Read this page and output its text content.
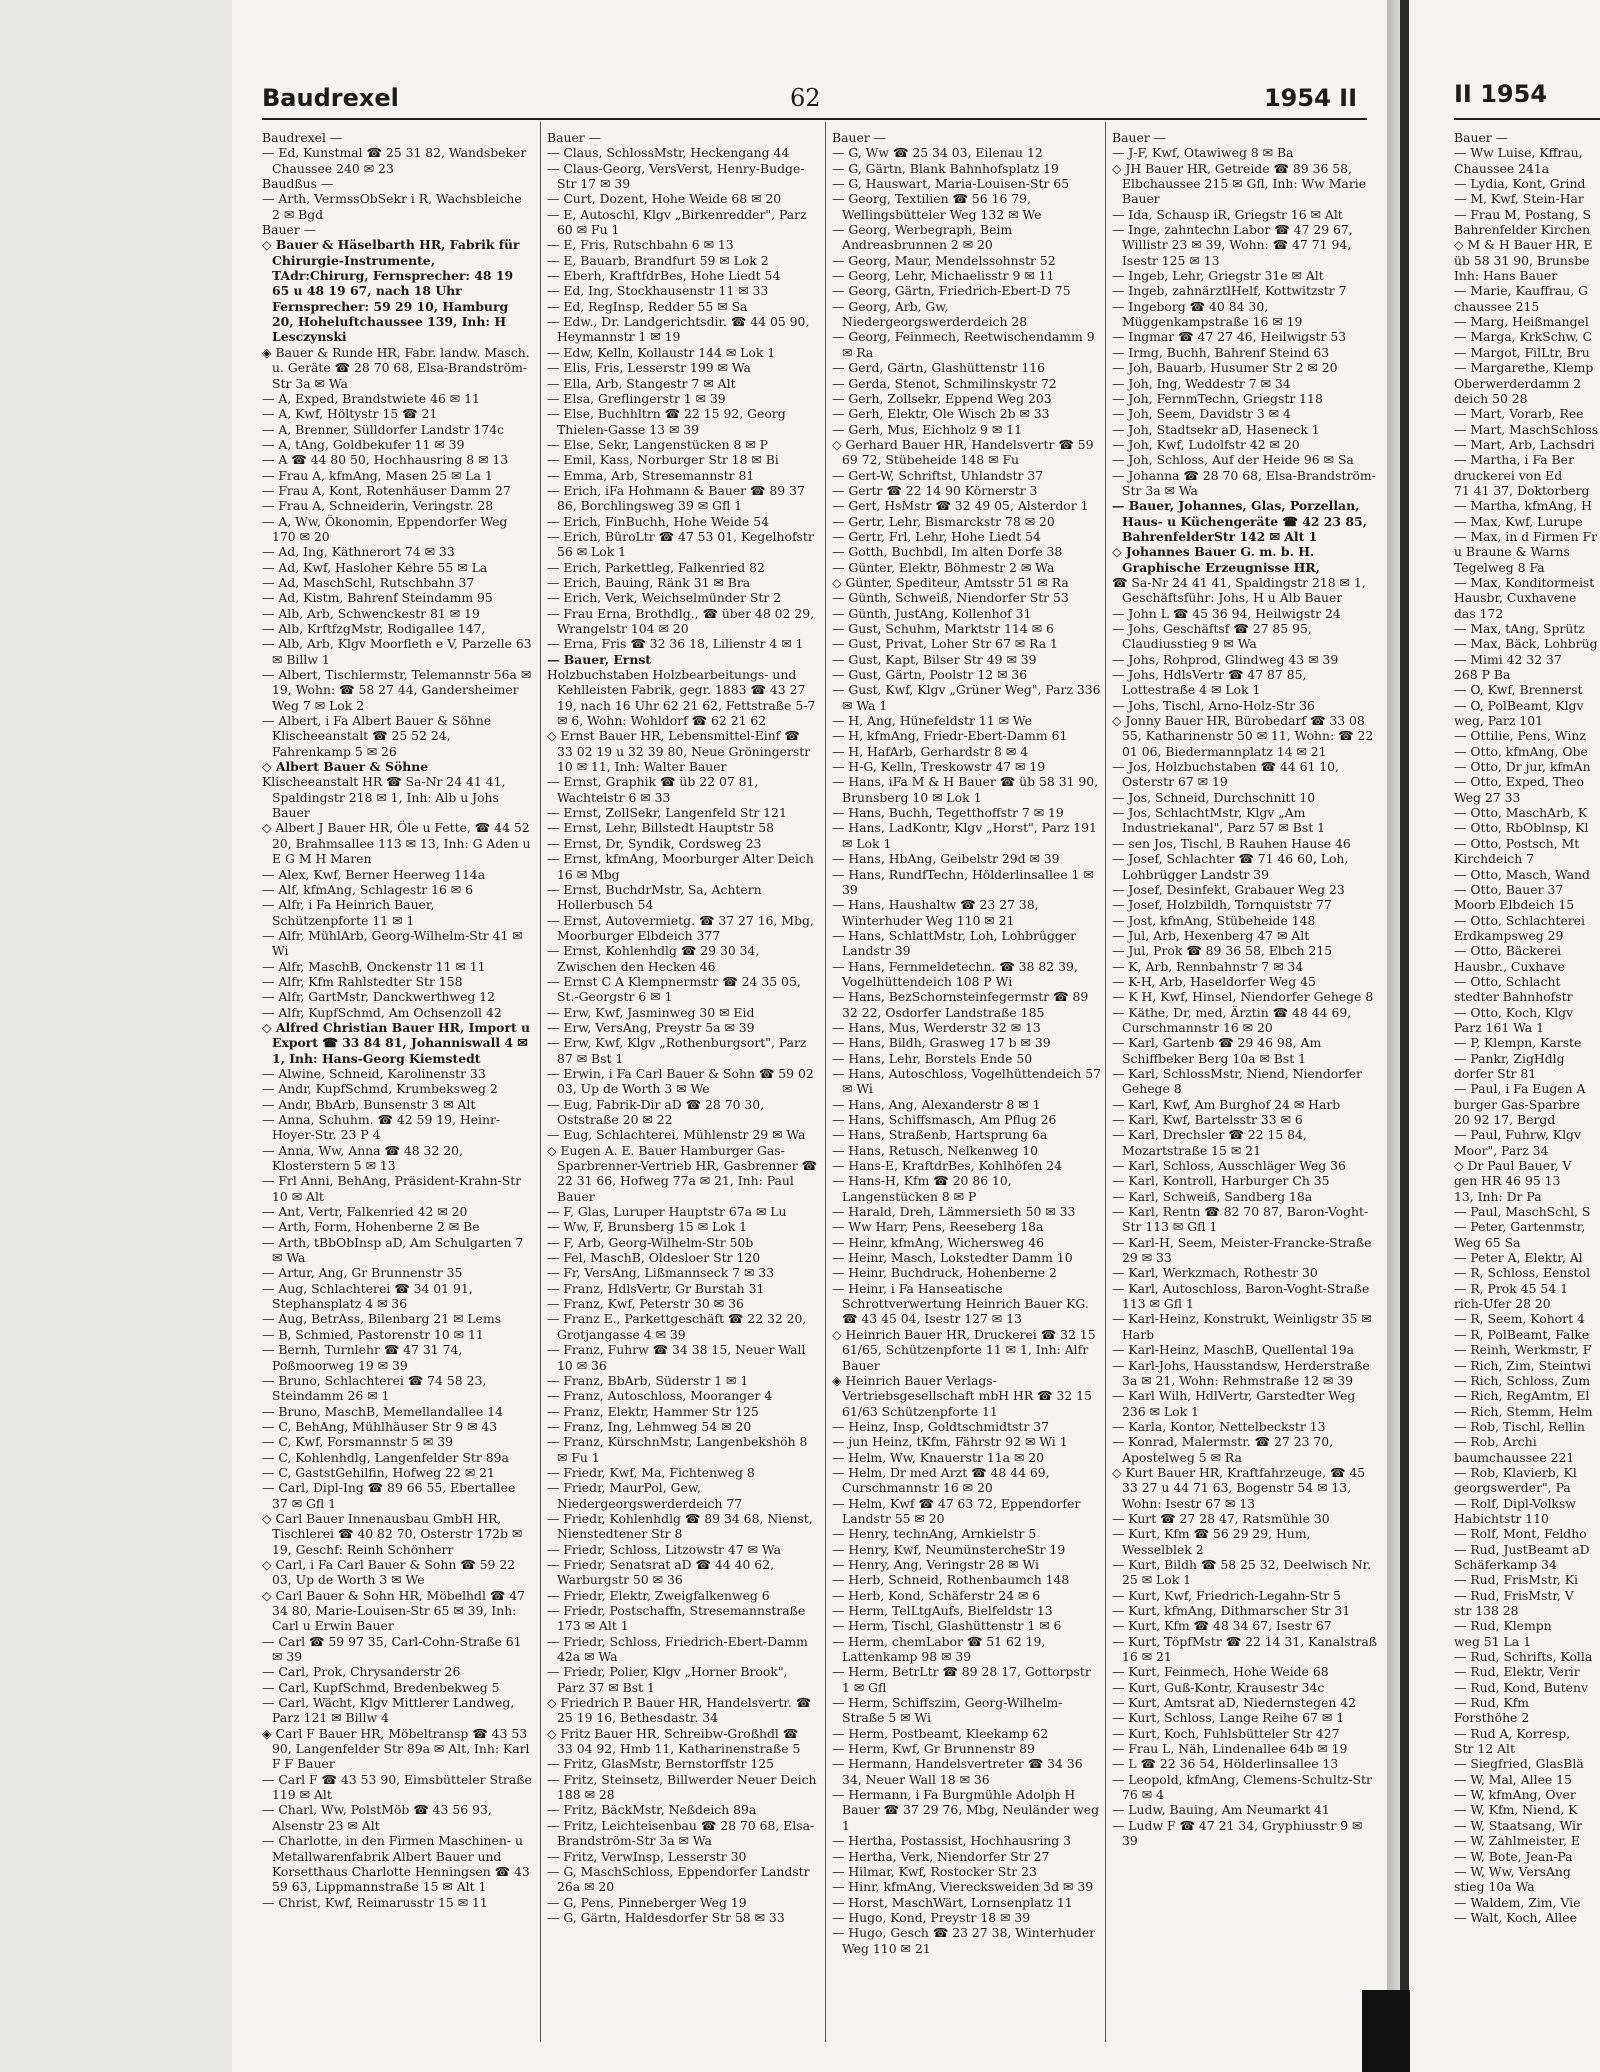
Baudrexel	62	1954 II

Baudrexel —

— Ed, Kunstmal ☎ 25 31 82, Wandsbeker Chaussee 240 ✉ 23

Baudßus —

— Arth, VermssObSekr i R, Wachsbleiche 2 ✉ Bgd

Bauer —

◇ Bauer & Häselbarth HR, Fabrik für Chirurgie-Instrumente, TAdr:Chirurg, Fernsprecher: 48 19 65 u 48 19 67, nach 18 Uhr Fernsprecher: 59 29 10, Hamburg 20, Hoheluftchaussee 139, Inh: H Lesczynski

◈ Bauer & Runde HR, Fabr. landw. Masch. u. Geräte ☎ 28 70 68, Elsa-Brandström-Str 3a ✉ Wa

— A, Exped, Brandstwiete 46 ✉ 11

— A, Kwf, Höltystr 15 ☎ 21

— A, Brenner, Sülldorfer Landstr 174c

— A, tAng, Goldbekufer 11 ✉ 39

— A ☎ 44 80 50, Hochhausring 8 ✉ 13

— Frau A, kfmAng, Masen 25 ✉ La 1

— Frau A, Kont, Rotenhäuser Damm 27

— Frau A, Schneiderin, Veringstr. 28

— A, Ww, Ökonomin, Eppendorfer Weg 170 ✉ 20

— Ad, Ing, Käthnerort 74 ✉ 33

— Ad, Kwf, Hasloher Kehre 55 ✉ La

— Ad, MaschSchl, Rutschbahn 37

— Ad, Kistm, Bahrenf Steindamm 95

— Alb, Arb, Schwenckestr 81 ✉ 19

— Alb, KrftfzgMstr, Rodigallee 147,

— Alb, Arb, Klgv Moorfleth e V, Parzelle 63 ✉ Billw 1

— Albert, Tischlermstr, Telemannstr 56a ✉ 19, Wohn: ☎ 58 27 44, Gandersheimer Weg 7 ✉ Lok 2

— Albert, i Fa Albert Bauer & Söhne Klischeeanstalt ☎ 25 52 24, Fahrenkamp 5 ✉ 26

◇ Albert Bauer & Söhne

Klischeeanstalt HR ☎ Sa-Nr 24 41 41, Spaldingstr 218 ✉ 1, Inh: Alb u Johs Bauer

◇ Albert J Bauer HR, Öle u Fette, ☎ 44 52 20, Brahmsallee 113 ✉ 13, Inh: G Aden u E G M H Maren

— Alex, Kwf, Berner Heerweg 114a

— Alf, kfmAng, Schlagestr 16 ✉ 6

— Alfr, i Fa Heinrich Bauer, Schützenpforte 11 ✉ 1

— Alfr, MühlArb, Georg-Wilhelm-Str 41 ✉ Wi

— Alfr, MaschB, Onckenstr 11 ✉ 11

— Alfr, Kfm Rahlstedter Str 158

— Alfr, GartMstr, Danckwerthweg 12

— Alfr, KupfSchmd, Am Ochsenzoll 42

◇ Alfred Christian Bauer HR, Import u Export ☎ 33 84 81, Johanniswall 4 ✉ 1, Inh: Hans-Georg Kiemstedt

— Alwine, Schneid, Karolinenstr 33

— Andr, KupfSchmd, Krumbeksweg 2

— Andr, BbArb, Bunsenstr 3 ✉ Alt

— Anna, Schuhm. ☎ 42 59 19, Heinr-Hoyer-Str. 23 P 4

— Anna, Ww, Anna ☎ 48 32 20, Klosterstern 5 ✉ 13

— Frl Anni, BehAng, Präsident-Krahn-Str 10 ✉ Alt

— Ant, Vertr, Falkenried 42 ✉ 20

— Arth, Form, Hohenberne 2 ✉ Be

— Arth, tBbObInsp aD, Am Schulgarten 7 ✉ Wa

— Artur, Ang, Gr Brunnenstr 35

— Aug, Schlachterei ☎ 34 01 91, Stephansplatz 4 ✉ 36

— Aug, BetrAss, Bilenbarg 21 ✉ Lems

— B, Schmied, Pastorenstr 10 ✉ 11

— Bernh, Turnlehr ☎ 47 31 74, Poßmoorweg 19 ✉ 39

— Bruno, Schlachterei ☎ 74 58 23, Steindamm 26 ✉ 1

— Bruno, MaschB, Memellandallee 14

— C, BehAng, Mühlhäuser Str 9 ✉ 43

— C, Kwf, Forsmannstr 5 ✉ 39

— C, Kohlenhdlg, Langenfelder Str 89a

— C, GaststGehilfin, Hofweg 22 ✉ 21

— Carl, Dipl-Ing ☎ 89 66 55, Ebertallee 37 ✉ Gfl 1

◇ Carl Bauer Innenausbau GmbH HR, Tischlerei ☎ 40 82 70, Osterstr 172b ✉ 19, Geschf: Reinh Schönherr

◇ Carl, i Fa Carl Bauer & Sohn ☎ 59 22 03, Up de Worth 3 ✉ We

◇ Carl Bauer & Sohn HR, Möbelhdl ☎ 47 34 80, Marie-Louisen-Str 65 ✉ 39, Inh: Carl u Erwin Bauer

— Carl ☎ 59 97 35, Carl-Cohn-Straße 61 ✉ 39

— Carl, Prok, Chrysanderstr 26

— Carl, KupfSchmd, Bredenbekweg 5

— Carl, Wächt, Klgv Mittlerer Landweg, Parz 121 ✉ Billw 4

◈ Carl F Bauer HR, Möbeltransp ☎ 43 53 90, Langenfelder Str 89a ✉ Alt, Inh: Karl F F Bauer

— Carl F ☎ 43 53 90, Eimsbütteler Straße 119 ✉ Alt

— Charl, Ww, PolstMöb ☎ 43 56 93, Alsenstr 23 ✉ Alt

— Charlotte, in den Firmen Maschinen- u Metallwarenfabrik Albert Bauer und Korsetthaus Charlotte Henningsen ☎ 43 59 63, Lippmannstraße 15 ✉ Alt 1

— Christ, Kwf, Reimarusstr 15 ✉ 11

Bauer —

— Claus, SchlossMstr, Heckengang 44

— Claus-Georg, VersVerst, Henry-Budge-Str 17 ✉ 39

— Curt, Dozent, Hohe Weide 68 ✉ 20

— E, Autoschl, Klgv „Birkenredder", Parz 60 ✉ Fu 1

— E, Fris, Rutschbahn 6 ✉ 13

— E, Bauarb, Brandfurt 59 ✉ Lok 2

— Eberh, KraftfdrBes, Hohe Liedt 54

— Ed, Ing, Stockhausenstr 11 ✉ 33

— Ed, RegInsp, Redder 55 ✉ Sa

— Edw., Dr. Landgerichtsdir. ☎ 44 05 90, Heymannstr 1 ✉ 19

— Edw, Kelln, Kollaustr 144 ✉ Lok 1

— Elis, Fris, Lesserstr 199 ✉ Wa

— Ella, Arb, Stangestr 7 ✉ Alt

— Elsa, Greflingerstr 1 ✉ 39

— Else, Buchhltrn ☎ 22 15 92, Georg Thielen-Gasse 13 ✉ 39

— Else, Sekr, Langenstücken 8 ✉ P

— Emil, Kass, Norburger Str 18 ✉ Bi

— Emma, Arb, Stresemannstr 81

— Erich, iFa Hohmann & Bauer ☎ 89 37 86, Borchlingsweg 39 ✉ Gfl 1

— Erich, FinBuchh, Hohe Weide 54

— Erich, BüroLtr ☎ 47 53 01, Kegelhofstr 56 ✉ Lok 1

— Erich, Parkettleg, Falkenried 82

— Erich, Bauing, Ränk 31 ✉ Bra

— Erich, Verk, Weichselmünder Str 2

— Frau Erna, Brothdlg., ☎ über 48 02 29, Wrangelstr 104 ✉ 20

— Erna, Fris ☎ 32 36 18, Lilienstr 4 ✉ 1

— Bauer, Ernst

Holzbuchstaben Holzbearbeitungs- und Kehlleisten Fabrik, gegr. 1883 ☎ 43 27 19, nach 16 Uhr 62 21 62, Fettstraße 5-7 ✉ 6, Wohn: Wohldorf ☎ 62 21 62

◇ Ernst Bauer HR, Lebensmittel-Einf ☎ 33 02 19 u 32 39 80, Neue Gröningerstr 10 ✉ 11, Inh: Walter Bauer

— Ernst, Graphik ☎ üb 22 07 81, Wachtelstr 6 ✉ 33

— Ernst, ZollSekr, Langenfeld Str 121

— Ernst, Lehr, Billstedt Hauptstr 58

— Ernst, Dr, Syndik, Cordsweg 23

— Ernst, kfmAng, Moorburger Alter Deich 16 ✉ Mbg

— Ernst, BuchdrMstr, Sa, Achtern Hollerbusch 54

— Ernst, Autovermietg. ☎ 37 27 16, Mbg, Moorburger Elbdeich 377

— Ernst, Kohlenhdlg ☎ 29 30 34, Zwischen den Hecken 46

— Ernst C A Klempnermstr ☎ 24 35 05, St.-Georgstr 6 ✉ 1

— Erw, Kwf, Jasminweg 30 ✉ Eid

— Erw, VersAng, Preystr 5a ✉ 39

— Erw, Kwf, Klgv „Rothenburgsort", Parz 87 ✉ Bst 1

— Erwin, i Fa Carl Bauer & Sohn ☎ 59 02 03, Up de Worth 3 ✉ We

— Eug, Fabrik-Dir aD ☎ 28 70 30, Oststraße 20 ✉ 22

— Eug, Schlachterei, Mühlenstr 29 ✉ Wa

◇ Eugen A. E. Bauer Hamburger Gas-Sparbrenner-Vertrieb HR, Gasbrenner ☎ 22 31 66, Hofweg 77a ✉ 21, Inh: Paul Bauer

— F, Glas, Luruper Hauptstr 67a ✉ Lu

— Ww, F, Brunsberg 15 ✉ Lok 1

— F, Arb, Georg-Wilhelm-Str 50b

— Fel, MaschB, Oldesloer Str 120

— Fr, VersAng, Lißmannseck 7 ✉ 33

— Franz, HdlsVertr, Gr Burstah 31

— Franz, Kwf, Peterstr 30 ✉ 36

— Franz E., Parkettgeschäft ☎ 22 32 20, Grotjangasse 4 ✉ 39

— Franz, Fuhrw ☎ 34 38 15, Neuer Wall 10 ✉ 36

— Franz, BbArb, Süderstr 1 ✉ 1

— Franz, Autoschloss, Mooranger 4

— Franz, Elektr, Hammer Str 125

— Franz, Ing, Lehmweg 54 ✉ 20

— Franz, KürschnMstr, Langenbekshöh 8 ✉ Fu 1

— Friedr, Kwf, Ma, Fichtenweg 8

— Friedr, MaurPol, Gew, Niedergeorgswerderdeich 77

— Friedr, Kohlenhdlg ☎ 89 34 68, Nienst, Nienstedtener Str 8

— Friedr, Schloss, Litzowstr 47 ✉ Wa

— Friedr, Senatsrat aD ☎ 44 40 62, Warburgstr 50 ✉ 36

— Friedr, Elektr, Zweigfalkenweg 6

— Friedr, Postschaffn, Stresemannstraße 173 ✉ Alt 1

— Friedr, Schloss, Friedrich-Ebert-Damm 42a ✉ Wa

— Friedr, Polier, Klgv „Horner Brook", Parz 37 ✉ Bst 1

◇ Friedrich P. Bauer HR, Handelsvertr. ☎ 25 19 16, Bethesdastr. 34

◇ Fritz Bauer HR, Schreibw-Großhdl ☎ 33 04 92, Hmb 11, Katharinenstraße 5

— Fritz, GlasMstr, Bernstorffstr 125

— Fritz, Steinsetz, Billwerder Neuer Deich 188 ✉ 28

— Fritz, BäckMstr, Neßdeich 89a

— Fritz, Leichteisenbau ☎ 28 70 68, Elsa-Brandström-Str 3a ✉ Wa

— Fritz, VerwInsp, Lesserstr 30

— G, MaschSchloss, Eppendorfer Landstr 26a ✉ 20

— G, Pens, Pinneberger Weg 19

— G, Gärtn, Haldesdorfer Str 58 ✉ 33

Bauer —

— G, Ww ☎ 25 34 03, Eilenau 12

— G, Gärtn, Blank Bahnhofsplatz 19

— G, Hauswart, Maria-Louisen-Str 65

— Georg, Textilien ☎ 56 16 79, Wellingsbütteler Weg 132 ✉ We

— Georg, Werbegraph, Beim Andreasbrunnen 2 ✉ 20

— Georg, Maur, Mendelssohnstr 52

— Georg, Lehr, Michaelisstr 9 ✉ 11

— Georg, Gärtn, Friedrich-Ebert-D 75

— Georg, Arb, Gw, Niedergeorgswerderdeich 28

— Georg, Feinmech, Reetwischendamm 9 ✉ Ra

— Gerd, Gärtn, Glashüttenstr 116

— Gerda, Stenot, Schmilinskystr 72

— Gerh, Zollsekr, Eppend Weg 203

— Gerh, Elektr, Ole Wisch 2b ✉ 33

— Gerh, Mus, Eichholz 9 ✉ 11

◇ Gerhard Bauer HR, Handelsvertr ☎ 59 69 72, Stübeheide 148 ✉ Fu

— Gert-W, Schriftst, Uhlandstr 37

— Gertr ☎ 22 14 90 Körnerstr 3

— Gert, HsMstr ☎ 32 49 05, Alsterdor 1

— Gertr, Lehr, Bismarckstr 78 ✉ 20

— Gertr, Frl, Lehr, Hohe Liedt 54

— Gotth, Buchbdl, Im alten Dorfe 38

— Günter, Elektr, Böhmestr 2 ✉ Wa

◇ Günter, Spediteur, Amtsstr 51 ✉ Ra

— Günth, Schweiß, Niendorfer Str 53

— Günth, JustAng, Kollenhof 31

— Gust, Schuhm, Marktstr 114 ✉ 6

— Gust, Privat, Loher Str 67 ✉ Ra 1

— Gust, Kapt, Bilser Str 49 ✉ 39

— Gust, Gärtn, Poolstr 12 ✉ 36

— Gust, Kwf, Klgv „Grüner Weg", Parz 336 ✉ Wa 1

— H, Ang, Hünefeldstr 11 ✉ We

— H, kfmAng, Friedr-Ebert-Damm 61

— H, HafArb, Gerhardstr 8 ✉ 4

— H-G, Kelln, Treskowstr 47 ✉ 19

— Hans, iFa M & H Bauer ☎ üb 58 31 90, Brunsberg 10 ✉ Lok 1

— Hans, Buchh, Tegetthoffstr 7 ✉ 19

— Hans, LadKontr, Klgv „Horst", Parz 191 ✉ Lok 1

— Hans, HbAng, Geibelstr 29d ✉ 39

— Hans, RundfTechn, Hölderlinsallee 1 ✉ 39

— Hans, Haushaltw ☎ 23 27 38, Winterhuder Weg 110 ✉ 21

— Hans, SchlattMstr, Loh, Lohbrügger Landstr 39

— Hans, Fernmeldetechn. ☎ 38 82 39, Vogelhüttendeich 108 P Wi

— Hans, BezSchornsteinfegermstr ☎ 89 32 22, Osdorfer Landstraße 185

— Hans, Mus, Werderstr 32 ✉ 13

— Hans, Bildh, Grasweg 17 b ✉ 39

— Hans, Lehr, Borstels Ende 50

— Hans, Autoschloss, Vogelhüttendeich 57 ✉ Wi

— Hans, Ang, Alexanderstr 8 ✉ 1

— Hans, Schiffsmasch, Am Pflug 26

— Hans, Straßenb, Hartsprung 6a

— Hans, Retusch, Nelkenweg 10

— Hans-E, KraftdrBes, Kohlhöfen 24

— Hans-H, Kfm ☎ 20 86 10, Langenstücken 8 ✉ P

— Harald, Dreh, Lämmersieth 50 ✉ 33

— Ww Harr, Pens, Reeseberg 18a

— Heinr, kfmAng, Wichersweg 46

— Heinr, Masch, Lokstedter Damm 10

— Heinr, Buchdruck, Hohenberne 2

— Heinr, i Fa Hanseatische Schrottverwertung Heinrich Bauer KG. ☎ 43 45 04, Isestr 127 ✉ 13

◇ Heinrich Bauer HR, Druckerei ☎ 32 15 61/65, Schützenpforte 11 ✉ 1, Inh: Alfr Bauer

◈ Heinrich Bauer Verlags-Vertriebsgesellschaft mbH HR ☎ 32 15 61/63 Schützenpforte 11

— Heinz, Insp, Goldtschmidtstr 37

— jun Heinz, tKfm, Fährstr 92 ✉ Wi 1

— Helm, Ww, Knauerstr 11a ✉ 20

— Helm, Dr med Arzt ☎ 48 44 69, Curschmannstr 16 ✉ 20

— Helm, Kwf ☎ 47 63 72, Eppendorfer Landstr 55 ✉ 20

— Henry, technAng, Arnkielstr 5

— Henry, Kwf, NeumünstercheStr 19

— Henry, Ang, Veringstr 28 ✉ Wi

— Herb, Schneid, Rothenbaumch 148

— Herb, Kond, Schäferstr 24 ✉ 6

— Herm, TelLtgAufs, Bielfeldstr 13

— Herm, Tischl, Glashüttenstr 1 ✉ 6

— Herm, chemLabor ☎ 51 62 19, Lattenkamp 98 ✉ 39

— Herm, BetrLtr ☎ 89 28 17, Gottorpstr 1 ✉ Gfl

— Herm, Schiffszim, Georg-Wilhelm-Straße 5 ✉ Wi

— Herm, Postbeamt, Kleekamp 62

— Herm, Kwf, Gr Brunnenstr 89

— Hermann, Handelsvertreter ☎ 34 36 34, Neuer Wall 18 ✉ 36

— Hermann, i Fa Burgmühle Adolph H Bauer ☎ 37 29 76, Mbg, Neuländer weg 1

— Hertha, Postassist, Hochhausring 3

— Hertha, Verk, Niendorfer Str 27

— Hilmar, Kwf, Rostocker Str 23

— Hinr, kfmAng, Vierecksweiden 3d ✉ 39

— Horst, MaschWärt, Lornsenplatz 11

— Hugo, Kond, Preystr 18 ✉ 39

— Hugo, Gesch ☎ 23 27 38, Winterhuder Weg 110 ✉ 21

Bauer —

— J-F, Kwf, Otawiweg 8 ✉ Ba

◇ JH Bauer HR, Getreide ☎ 89 36 58, Elbchaussee 215 ✉ Gfl, Inh: Ww Marie Bauer

— Ida, Schausp iR, Griegstr 16 ✉ Alt

— Inge, zahntechn Labor ☎ 47 29 67, Willistr 23 ✉ 39, Wohn: ☎ 47 71 94, Isestr 125 ✉ 13

— Ingeb, Lehr, Griegstr 31e ✉ Alt

— Ingeb, zahnärztlHelf, Kottwitzstr 7

— Ingeborg ☎ 40 84 30, Müggenkampstraße 16 ✉ 19

— Ingmar ☎ 47 27 46, Heilwigstr 53

— Irmg, Buchh, Bahrenf Steind 63

— Joh, Bauarb, Husumer Str 2 ✉ 20

— Joh, Ing, Weddestr 7 ✉ 34

— Joh, FernmTechn, Griegstr 118

— Joh, Seem, Davidstr 3 ✉ 4

— Joh, Stadtsekr aD, Haseneck 1

— Joh, Kwf, Ludolfstr 42 ✉ 20

— Joh, Schloss, Auf der Heide 96 ✉ Sa

— Johanna ☎ 28 70 68, Elsa-Brandström-Str 3a ✉ Wa

— Bauer, Johannes, Glas, Porzellan, Haus- u Küchengeräte ☎ 42 23 85, BahrenfelderStr 142 ✉ Alt 1

◇ Johannes Bauer G. m. b. H. Graphische Erzeugnisse HR,

☎ Sa-Nr 24 41 41, Spaldingstr 218 ✉ 1, Geschäftsführ: Johs, H u Alb Bauer

— John L ☎ 45 36 94, Heilwigstr 24

— Johs, Geschäftsf ☎ 27 85 95, Claudiusstieg 9 ✉ Wa

— Johs, Rohprod, Glindweg 43 ✉ 39

— Johs, HdlsVertr ☎ 47 87 85, Lottestraße 4 ✉ Lok 1

— Johs, Tischl, Arno-Holz-Str 36

◇ Jonny Bauer HR, Bürobedarf ☎ 33 08 55, Katharinenstr 50 ✉ 11, Wohn: ☎ 22 01 06, Biedermannplatz 14 ✉ 21

— Jos, Holzbuchstaben ☎ 44 61 10, Osterstr 67 ✉ 19

— Jos, Schneid, Durchschnitt 10

— Jos, SchlachtMstr, Klgv „Am Industriekanal", Parz 57 ✉ Bst 1

— sen Jos, Tischl, B Rauhen Hause 46

— Josef, Schlachter ☎ 71 46 60, Loh, Lohbrügger Landstr 39

— Josef, Desinfekt, Grabauer Weg 23

— Josef, Holzbildh, Tornquiststr 77

— Jost, kfmAng, Stübeheide 148

— Jul, Arb, Hexenberg 47 ✉ Alt

— Jul, Prok ☎ 89 36 58, Elbch 215

— K, Arb, Rennbahnstr 7 ✉ 34

— K-H, Arb, Haseldorfer Weg 45

— K H, Kwf, Hinsel, Niendorfer Gehege 8

— Käthe, Dr, med, Ärztin ☎ 48 44 69, Curschmannstr 16 ✉ 20

— Karl, Gartenb ☎ 29 46 98, Am Schiffbeker Berg 10a ✉ Bst 1

— Karl, SchlossMstr, Niend, Niendorfer Gehege 8

— Karl, Kwf, Am Burghof 24 ✉ Harb

— Karl, Kwf, Bartelsstr 33 ✉ 6

— Karl, Drechsler ☎ 22 15 84, Mozartstraße 15 ✉ 21

— Karl, Schloss, Ausschläger Weg 36

— Karl, Kontroll, Harburger Ch 35

— Karl, Schweiß, Sandberg 18a

— Karl, Rentn ☎ 82 70 87, Baron-Voght-Str 113 ✉ Gfl 1

— Karl-H, Seem, Meister-Francke-Straße 29 ✉ 33

— Karl, Werkzmach, Rothestr 30

— Karl, Autoschloss, Baron-Voght-Straße 113 ✉ Gfl 1

— Karl-Heinz, Konstrukt, Weinligstr 35 ✉ Harb

— Karl-Heinz, MaschB, Quellental 19a

— Karl-Johs, Hausstandsw, Herderstraße 3a ✉ 21, Wohn: Rehmstraße 12 ✉ 39

— Karl Wilh, HdlVertr, Garstedter Weg 236 ✉ Lok 1

— Karla, Kontor, Nettelbeckstr 13

— Konrad, Malermstr. ☎ 27 23 70, Apostelweg 5 ✉ Ra

◇ Kurt Bauer HR, Kraftfahrzeuge, ☎ 45 33 27 u 44 71 63, Bogenstr 54 ✉ 13, Wohn: Isestr 67 ✉ 13

— Kurt ☎ 27 28 47, Ratsmühle 30

— Kurt, Kfm ☎ 56 29 29, Hum, Wesselblek 2

— Kurt, Bildh ☎ 58 25 32, Deelwisch Nr. 25 ✉ Lok 1

— Kurt, Kwf, Friedrich-Legahn-Str 5

— Kurt, kfmAng, Dithmarscher Str 31

— Kurt, Kfm ☎ 48 34 67, Isestr 67

— Kurt, TöpfMstr ☎ 22 14 31, Kanalstraß 16 ✉ 21

— Kurt, Feinmech, Hohe Weide 68

— Kurt, Guß-Kontr, Krausestr 34c

— Kurt, Amtsrat aD, Niedernstegen 42

— Kurt, Schloss, Lange Reihe 67 ✉ 1

— Kurt, Koch, Fuhlsbütteler Str 427

— Frau L, Näh, Lindenallee 64b ✉ 19

— L ☎ 22 36 54, Hölderlinsallee 13

— Leopold, kfmAng, Clemens-Schultz-Str 76 ✉ 4

— Ludw, Bauing, Am Neumarkt 41

— Ludw F ☎ 47 21 34, Gryphiusstr 9 ✉ 39

II 1954
Bauer —
— Ww Luise, Kffrau,
Chaussee 241a
— Lydia, Kont, Grind
— M, Kwf, Stein-Har
— Frau M, Postang, S
Bahrenfelder Kirchen
◇ M & H Bauer HR, E
üb 58 31 90, Brunsbe
Inh: Hans Bauer
— Marie, Kauffrau, G
chaussee 215
— Marg, Heißmangel
— Marga, KrkSchw, C
— Margot, FilLtr, Bru
— Margarethe, Klemp
Oberwerderdamm 2
deich 50 28
— Mart, Vorarb, Ree
— Mart, MaschSchloss
— Mart, Arb, Lachsdri
— Martha, i Fa Ber
druckerei von Ed
71 41 37, Doktorberg
— Martha, kfmAng, H
— Max, Kwf, Lurupe
— Max, in d Firmen Fr
u Braune & Warns
Tegelweg 8 Fa
— Max, Konditormeist
Hausbr, Cuxhavene
das 172
— Max, tAng, Sprütz
— Max, Bäck, Lohbrüg
— Mimi 42 32 37
268 P Ba
— O, Kwf, Brennerst
— O, PolBeamt, Klgv
weg, Parz 101
— Ottilie, Pens, Winz
— Otto, kfmAng, Obe
— Otto, Dr jur, kfmAn
— Otto, Exped, Theo
Weg 27 33
— Otto, MaschArb, K
— Otto, RbOblnsp, Kl
— Otto, Postsch, Mt
Kirchdeich 7
— Otto, Masch, Wand
— Otto, Bauer 37
Moorb Elbdeich 15
— Otto, Schlachterei
Erdkampsweg 29
— Otto, Bäckerei
Hausbr., Cuxhave
— Otto, Schlacht
stedter Bahnhofstr
— Otto, Koch, Klgv
Parz 161 Wa 1
— P, Klempn, Karste
— Pankr, ZigHdlg
dorfer Str 81
— Paul, i Fa Eugen A
burger Gas-Sparbre
20 92 17, Bergd
— Paul, Fuhrw, Klgv
Moor", Parz 34
◇ Dr Paul Bauer, V
gen HR 46 95 13
13, Inh: Dr Pa
— Paul, MaschSchl, S
— Peter, Gartenmstr,
Weg 65 Sa
— Peter A, Elektr, Al
— R, Schloss, Eenstol
— R, Prok 45 54 1
rich-Ufer 28 20
— R, Seem, Kohort 4
— R, PolBeamt, Falke
— Reinh, Werkmstr, F
— Rich, Zim, Steintwi
— Rich, Schloss, Zum
— Rich, RegAmtm, El
— Rich, Stemm, Helm
— Rob, Tischl, Rellin
— Rob, Archi
baumchaussee 221
— Rob, Klavierb, Kl
georgswerder", Pa
— Rolf, Dipl-Volksw
Habichtstr 110
— Rolf, Mont, Feldho
— Rud, JustBeamt aD
Schäferkamp 34
— Rud, FrisMstr, Ki
— Rud, FrisMstr, V
str 138 28
— Rud, Klempn
weg 51 La 1
— Rud, Schrifts, Kolla
— Rud, Elektr, Verir
— Rud, Kond, Butenv
— Rud, Kfm
Forsthöhe 2
— Rud A, Korresp,
Str 12 Alt
— Siegfried, GlasBlä
— W, Mal, Allee 15
— W, kfmAng, Over
— W, Kfm, Niend, K
— W, Staatsang, Wir
— W, Zahlmeister, E
— W, Bote, Jean-Pa
— W, Ww, VersAng
stieg 10a Wa
— Waldem, Zim, Vie
— Walt, Koch, Allee
